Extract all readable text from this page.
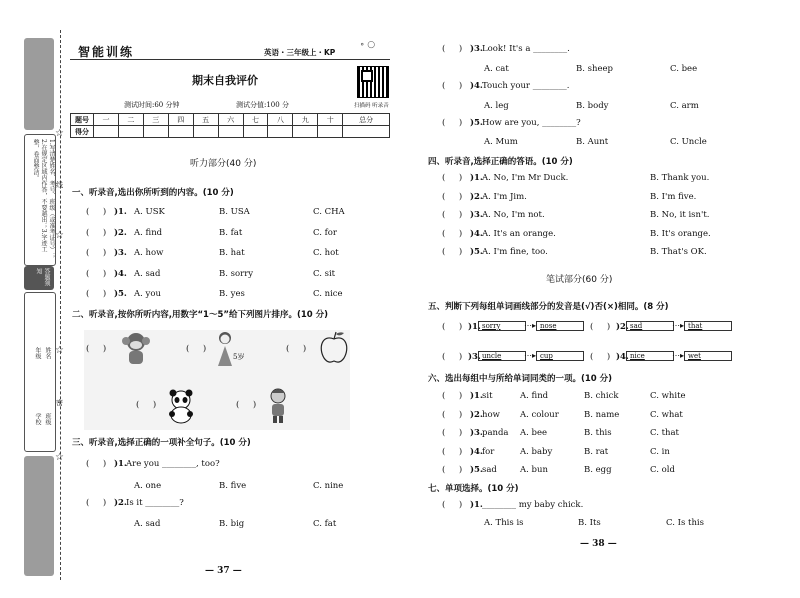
1.写清楚姓名、考号、班级（或准考证号）；2.在规定区域内作答，不要越出；3.字迹工整，卷面整洁。
答题须知
年级 姓名
学校 班级
☆
☆
☆
☆
线
密
智能训练	英语・三年级上・KP
∘ ○
期末自我评价
扫描码 听录音
测试时间:60 分钟	测试分值:100 分
题号	一	二	三	四	五	六	七	八	九	十	总分
得分											
听力部分(40 分)
一、听录音,选出你所听到的内容。(10 分)
(     ) )1. A. USK	B. USA	C. CHA
(     ) )2. A. find	B. fat	C. for
(     ) )3. A. how	B. hat	C. hot
(     ) )4. A. sad	B. sorry	C. sit
(     ) )5. A. you	B. yes	C. nice
二、听录音,按你所听内容,用数字“1～5”给下列图片排序。(10 分)
(     )	(     )
5岁
(     )
(     )	(     )
三、听录音,选择正确的一项补全句子。(10 分)
(     ) )1. Are you ________, too?
A. one	B. five	C. nine
(     ) )2. Is it ________?
A. sad	B. big	C. fat
— 37 —
(     ) )3. Look! It's a ________.
A. cat	B. sheep	C. bee
(     ) )4. Touch your ________.
A. leg	B. body	C. arm
(     ) )5. How are you, ________?
A. Mum	B. Aunt	C. Uncle
四、听录音,选择正确的答语。(10 分)
(     ) )1. A. No, I'm Mr Duck.	B. Thank you.
(     ) )2. A. I'm Jim.	B. I'm five.
(     ) )3. A. No, I'm not.	B. No, it isn't.
(     ) )4. A. It's an orange.	B. It's orange.
(     ) )5. A. I'm fine, too.	B. That's OK.
笔试部分(60 分)
五、判断下列每组单词画线部分的发音是(√)否(×)相同。(8 分)
(     ) )1. sorry	⋯▸ nose	(     ) )2. sad	⋯▸ that
(     ) )3. uncle	⋯▸ cup	(     ) )4. nice	⋯▸ wet
六、选出每组中与所给单词同类的一项。(10 分)
(     ) )1. sit	A. find	B. chick	C. white
(     ) )2. how A. colour	B. name	C. what
(     ) )3. panda A. bee	B. this	C. that
(     ) )4. for	A. baby	B. rat	C. in
(     ) )5. sad	A. bun	B. egg	C. old
七、单项选择。(10 分)
(     ) )1. ________ my baby chick.
A. This is	B. Its	C. Is this
— 38 —
